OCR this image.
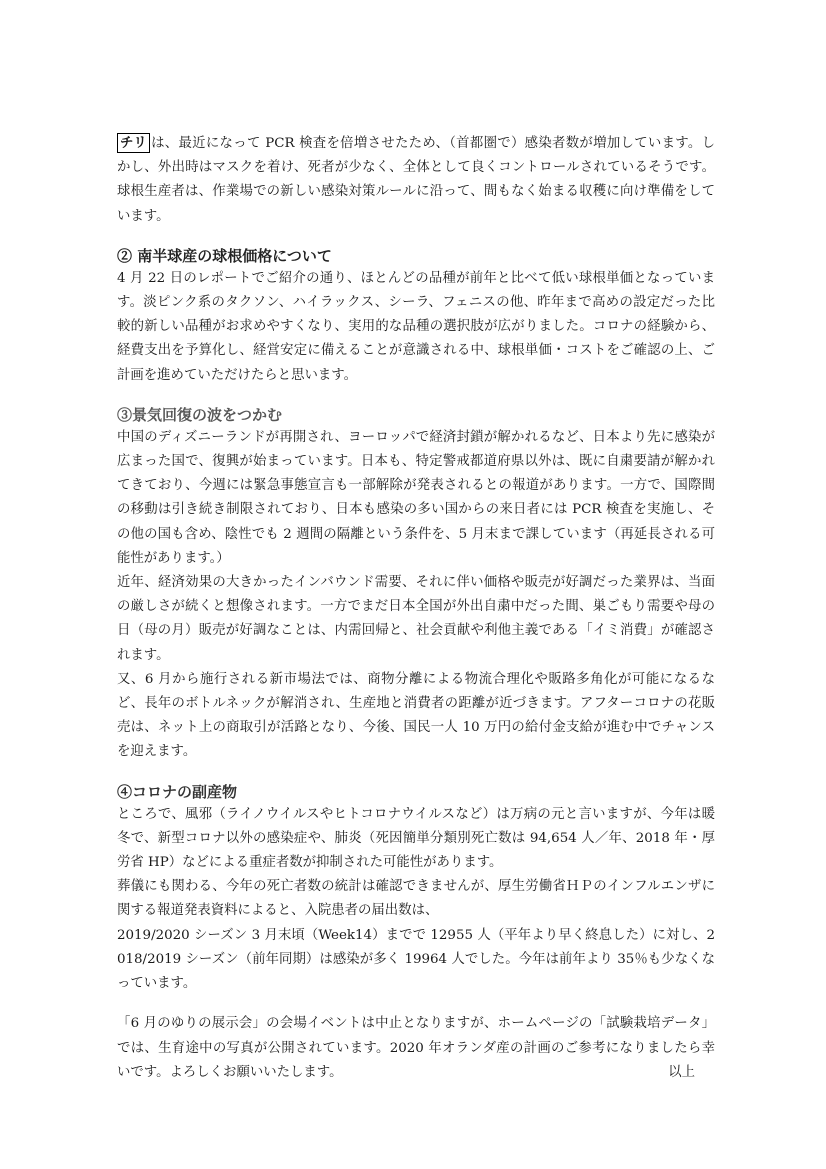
チリ は、最近になって PCR 検査を倍増させたため、（首都圏で）感染者数が増加しています。しかし、外出時はマスクを着け、死者が少なく、全体として良くコントロールされているそうです。球根生産者は、作業場での新しい感染対策ルールに沿って、間もなく始まる収穫に向け準備をしています。

② 南半球産の球根価格について

4 月 22 日のレポートでご紹介の通り、ほとんどの品種が前年と比べて低い球根単価となっています。淡ピンク系のタクソン、ハイラックス、シーラ、フェニスの他、昨年まで高めの設定だった比較的新しい品種がお求めやすくなり、実用的な品種の選択肢が広がりました。コロナの経験から、経費支出を予算化し、経営安定に備えることが意識される中、球根単価・コストをご確認の上、ご計画を進めていただけたらと思います。

③景気回復の波をつかむ

中国のディズニーランドが再開され、ヨーロッパで経済封鎖が解かれるなど、日本より先に感染が広まった国で、復興が始まっています。日本も、特定警戒都道府県以外は、既に自粛要請が解かれてきており、今週には緊急事態宣言も一部解除が発表されるとの報道があります。一方で、国際間の移動は引き続き制限されており、日本も感染の多い国からの来日者には PCR 検査を実施し、その他の国も含め、陰性でも 2 週間の隔離という条件を、5 月末まで課しています（再延長される可能性があります。）

近年、経済効果の大きかったインバウンド需要、それに伴い価格や販売が好調だった業界は、当面の厳しさが続くと想像されます。一方でまだ日本全国が外出自粛中だった間、巣ごもり需要や母の日（母の月）販売が好調なことは、内需回帰と、社会貢献や利他主義である「イミ消費」が確認されます。

又、6 月から施行される新市場法では、商物分離による物流合理化や販路多角化が可能になるなど、長年のボトルネックが解消され、生産地と消費者の距離が近づきます。アフターコロナの花販売は、ネット上の商取引が活路となり、今後、国民一人 10 万円の給付金支給が進む中でチャンスを迎えます。

④コロナの副産物

ところで、風邪（ライノウイルスやヒトコロナウイルスなど）は万病の元と言いますが、今年は暖冬で、新型コロナ以外の感染症や、肺炎（死因簡単分類別死亡数は 94,654 人／年、2018 年・厚労省 HP）などによる重症者数が抑制された可能性があります。

葬儀にも関わる、今年の死亡者数の統計は確認できませんが、厚生労働省ＨＰのインフルエンザに関する報道発表資料によると、入院患者の届出数は、

2019/2020 シーズン 3 月末頃（Week14）までで 12955 人（平年より早く終息した）に対し、2018/2019 シーズン（前年同期）は感染が多く 19964 人でした。今年は前年より 35％も少なくなっています。

「6 月のゆりの展示会」の会場イベントは中止となりますが、ホームページの「試験栽培データ」では、生育途中の写真が公開されています。2020 年オランダ産の計画のご参考になりましたら幸いです。よろしくお願いいたします。	以上
